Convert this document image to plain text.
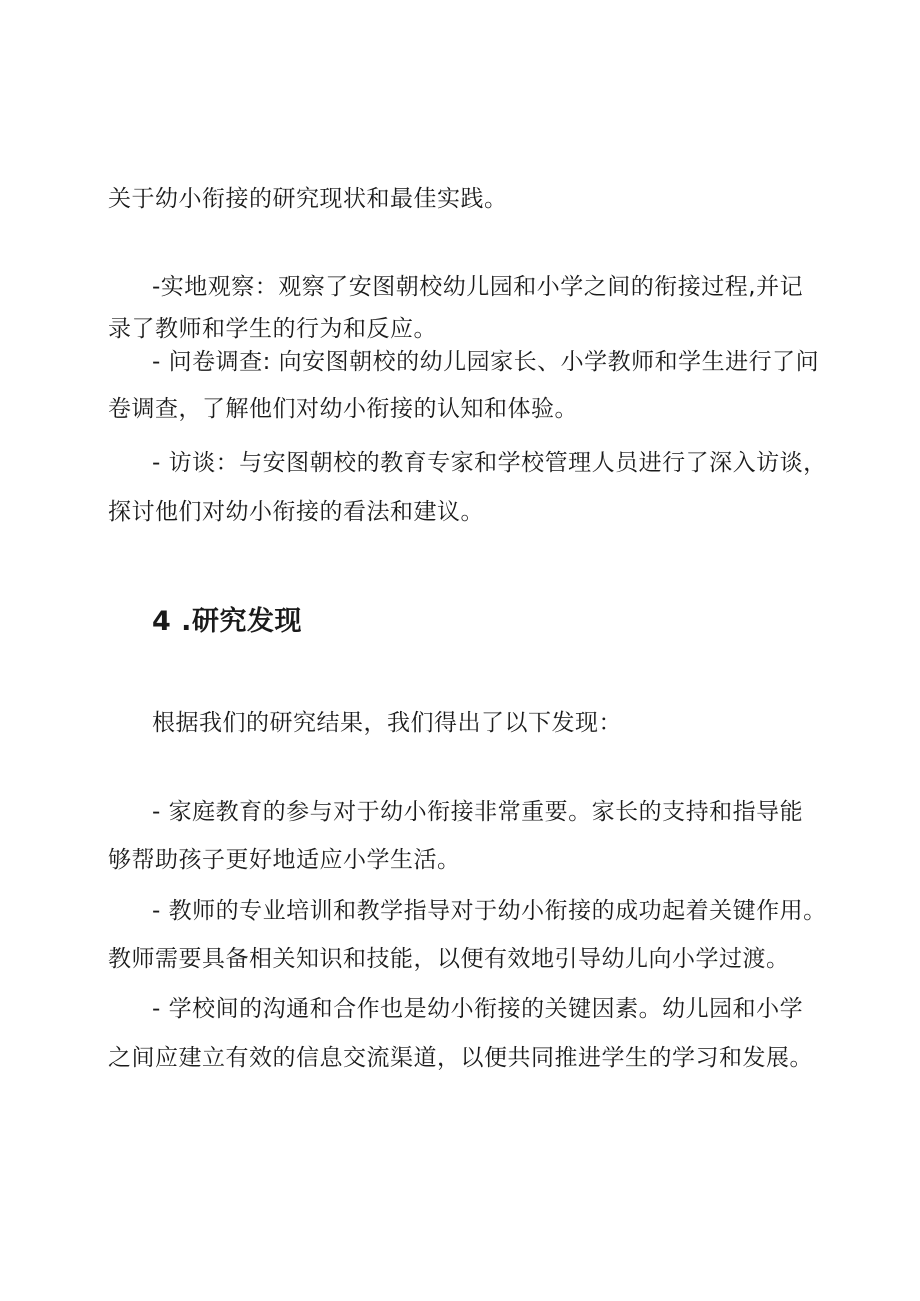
关于幼小衔接的研究现状和最佳实践。
-实地观察：观察了安图朝校幼儿园和小学之间的衔接过程,并记
录了教师和学生的行为和反应。
- 问卷调查: 向安图朝校的幼儿园家长、小学教师和学生进行了问
卷调查，了解他们对幼小衔接的认知和体验。
- 访谈：与安图朝校的教育专家和学校管理人员进行了深入访谈，
探讨他们对幼小衔接的看法和建议。
4 .研究发现
根据我们的研究结果，我们得出了以下发现：
- 家庭教育的参与对于幼小衔接非常重要。家长的支持和指导能
够帮助孩子更好地适应小学生活。
- 教师的专业培训和教学指导对于幼小衔接的成功起着关键作用。
教师需要具备相关知识和技能，以便有效地引导幼儿向小学过渡。
- 学校间的沟通和合作也是幼小衔接的关键因素。幼儿园和小学
之间应建立有效的信息交流渠道，以便共同推进学生的学习和发展。
